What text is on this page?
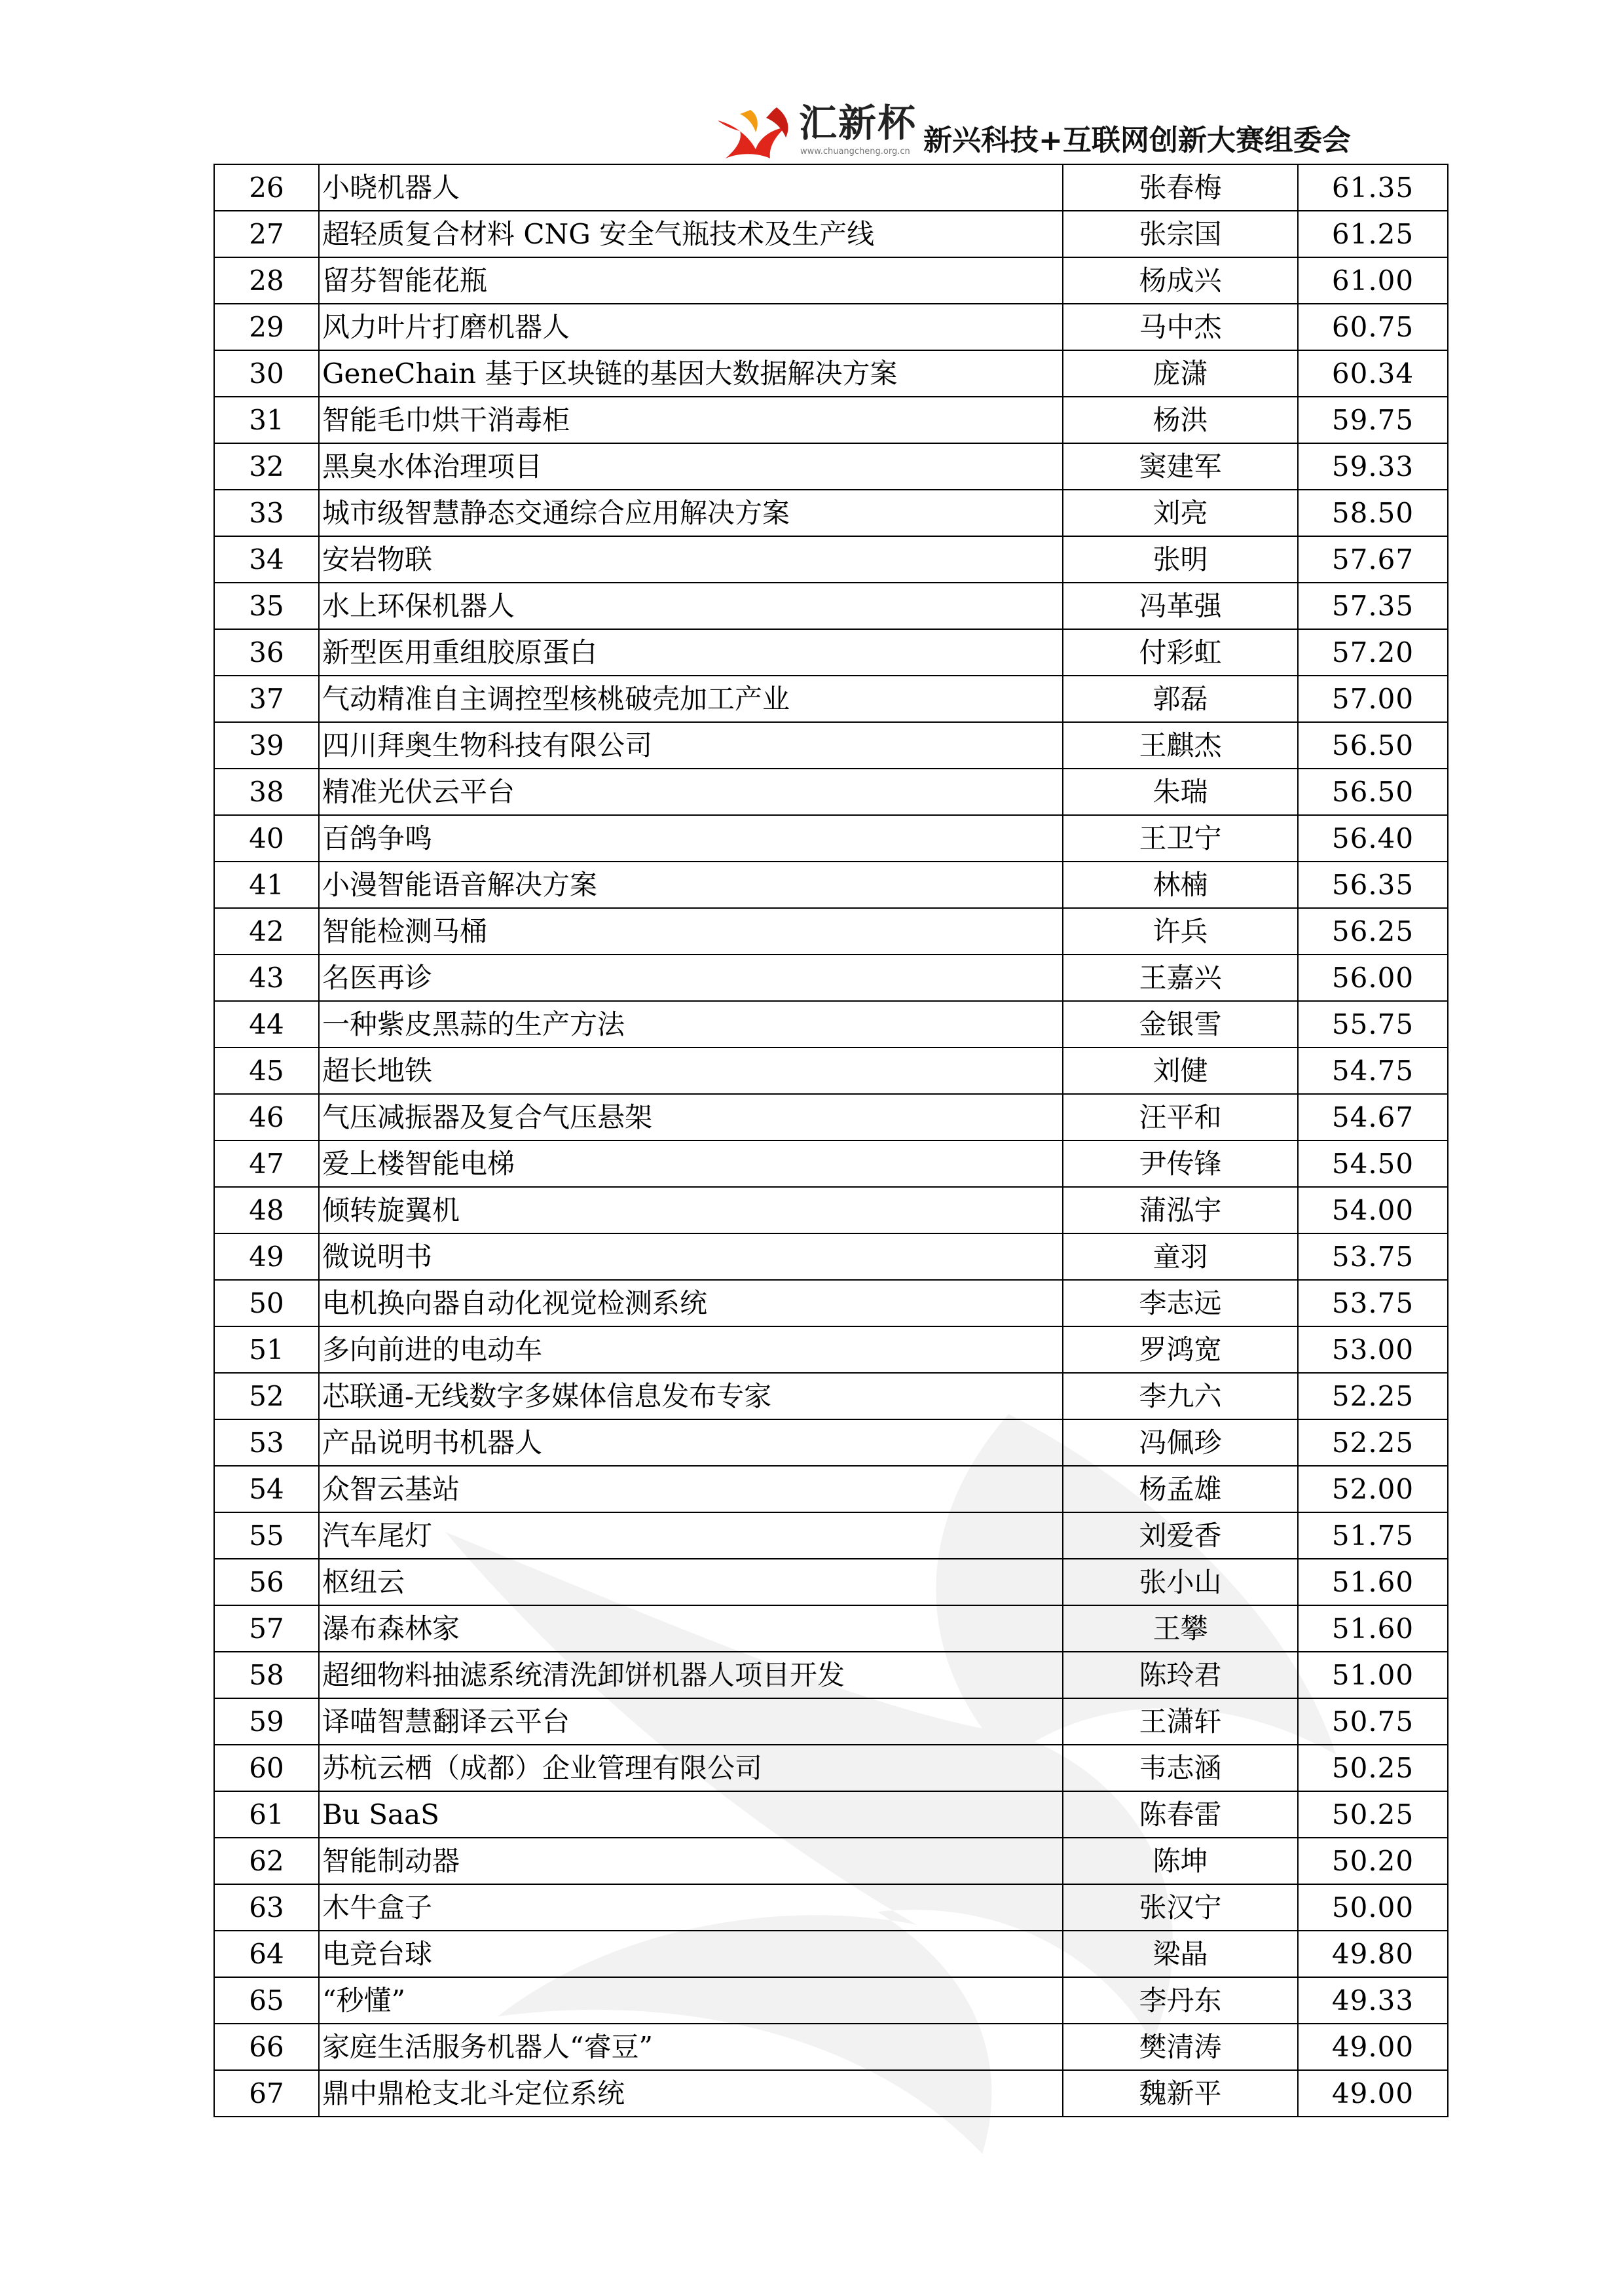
汇新杯
www.chuangcheng.org.cn 新兴科技+互联网创新大赛组委会
26	小晓机器人	张春梅	61.35
27	超轻质复合材料 CNG 安全气瓶技术及生产线	张宗国	61.25
28	留芬智能花瓶	杨成兴	61.00
29	风力叶片打磨机器人	马中杰	60.75
30	GeneChain 基于区块链的基因大数据解决方案	庞潇	60.34
31	智能毛巾烘干消毒柜	杨洪	59.75
32	黑臭水体治理项目	窦建军	59.33
33	城市级智慧静态交通综合应用解决方案	刘亮	58.50
34	安岩物联	张明	57.67
35	水上环保机器人	冯革强	57.35
36	新型医用重组胶原蛋白	付彩虹	57.20
37	气动精准自主调控型核桃破壳加工产业	郭磊	57.00
39	四川拜奥生物科技有限公司	王麒杰	56.50
38	精准光伏云平台	朱瑞	56.50
40	百鸽争鸣	王卫宁	56.40
41	小漫智能语音解决方案	林楠	56.35
42	智能检测马桶	许兵	56.25
43	名医再诊	王嘉兴	56.00
44	一种紫皮黑蒜的生产方法	金银雪	55.75
45	超长地铁	刘健	54.75
46	气压减振器及复合气压悬架	汪平和	54.67
47	爱上楼智能电梯	尹传锋	54.50
48	倾转旋翼机	蒲泓宇	54.00
49	微说明书	童羽	53.75
50	电机换向器自动化视觉检测系统	李志远	53.75
51	多向前进的电动车	罗鸿宽	53.00
52	芯联通-无线数字多媒体信息发布专家	李九六	52.25
53	产品说明书机器人	冯佩珍	52.25
54	众智云基站	杨孟雄	52.00
55	汽车尾灯	刘爱香	51.75
56	枢纽云	张小山	51.60
57	瀑布森林家	王攀	51.60
58	超细物料抽滤系统清洗卸饼机器人项目开发	陈玲君	51.00
59	译喵智慧翻译云平台	王潇轩	50.75
60	苏杭云栖（成都）企业管理有限公司	韦志涵	50.25
61	Bu SaaS	陈春雷	50.25
62	智能制动器	陈坤	50.20
63	木牛盒子	张汉宁	50.00
64	电竞台球	梁晶	49.80
65	“秒懂”	李丹东	49.33
66	家庭生活服务机器人“睿豆”	樊清涛	49.00
67	鼎中鼎枪支北斗定位系统	魏新平	49.00
